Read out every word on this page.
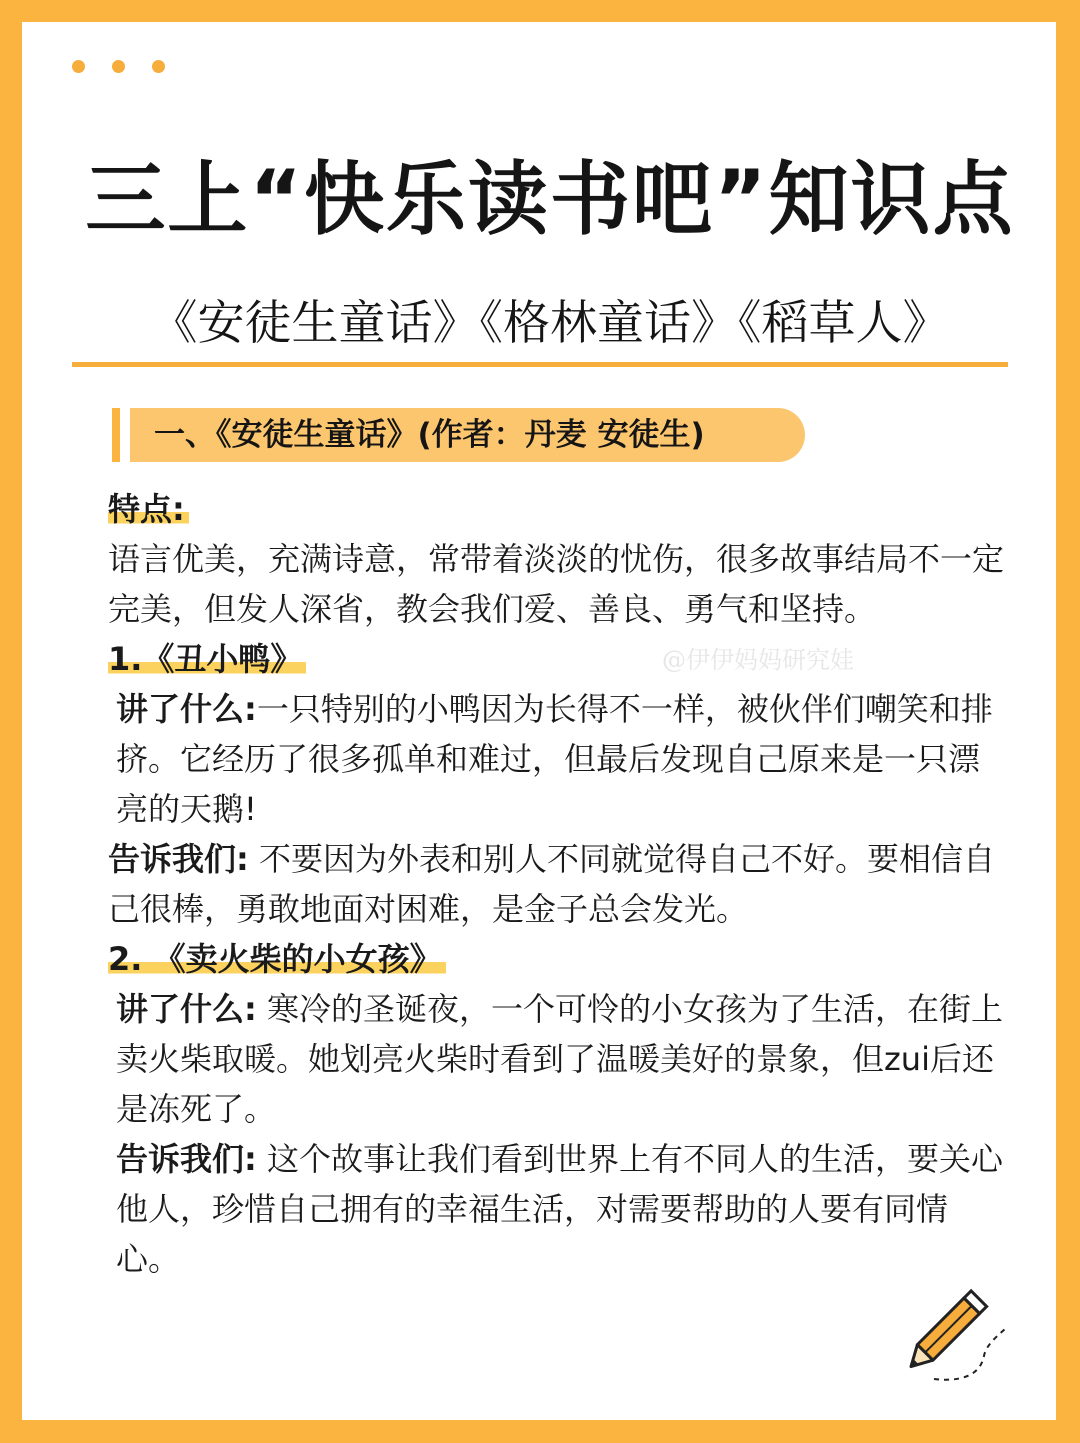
三上“快乐读书吧”知识点
《安徒生童话》《格林童话》《稻草人》
一、《安徒生童话》(作者：丹麦 安徒生)

特点:

语言优美，充满诗意，常带着淡淡的忧伤，很多故事结局不一定完美，但发人深省，教会我们爱、善良、勇气和坚持。

1.《丑小鸭》

讲了什么:一只特别的小鸭因为长得不一样，被伙伴们嘲笑和排挤。它经历了很多孤单和难过，但最后发现自己原来是一只漂亮的天鹅!

告诉我们: 不要因为外表和别人不同就觉得自己不好。要相信自己很棒，勇敢地面对困难，是金子总会发光。

2. 《卖火柴的小女孩》

讲了什么: 寒冷的圣诞夜，一个可怜的小女孩为了生活，在街上卖火柴取暖。她划亮火柴时看到了温暖美好的景象，但zui后还是冻死了。

告诉我们: 这个故事让我们看到世界上有不同人的生活，要关心他人，珍惜自己拥有的幸福生活，对需要帮助的人要有同情心。

@伊伊妈妈研究娃
